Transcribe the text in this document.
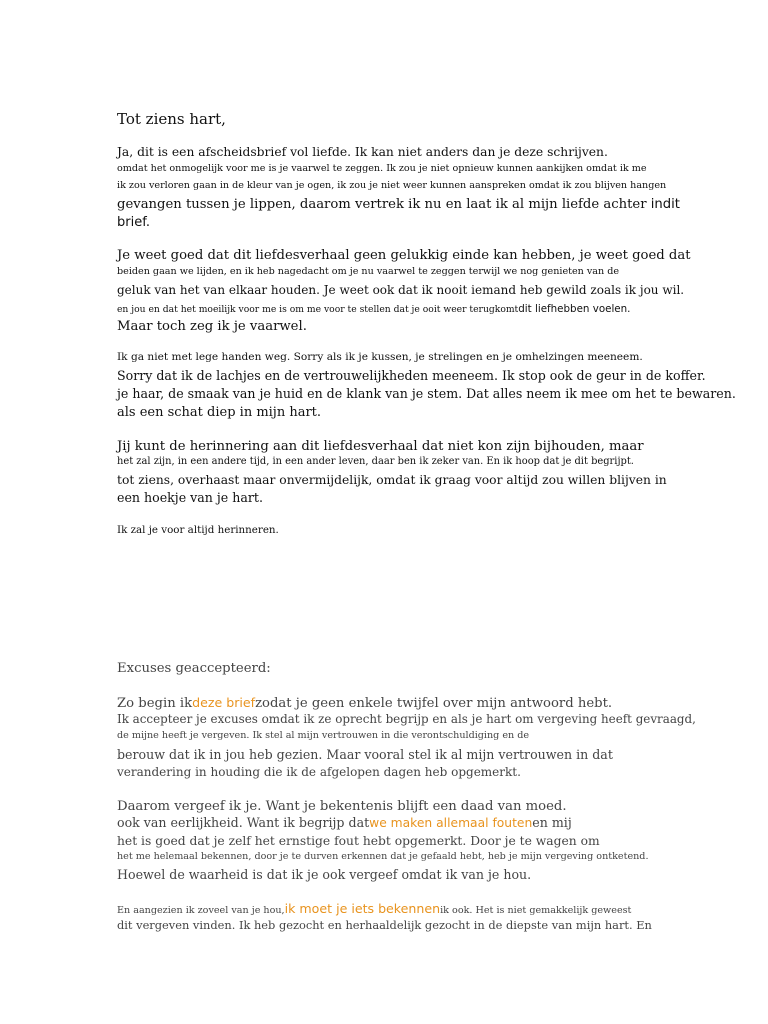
Tot ziens hart,
Ja, dit is een afscheidsbrief vol liefde. Ik kan niet anders dan je deze schrijven.
omdat het onmogelijk voor me is je vaarwel te zeggen. Ik zou je niet opnieuw kunnen aankijken omdat ik me
ik zou verloren gaan in de kleur van je ogen, ik zou je niet weer kunnen aanspreken omdat ik zou blijven hangen
gevangen tussen je lippen, daarom vertrek ik nu en laat ik al mijn liefde achter indit
brief.
Je weet goed dat dit liefdesverhaal geen gelukkig einde kan hebben, je weet goed dat
beiden gaan we lijden, en ik heb nagedacht om je nu vaarwel te zeggen terwijl we nog genieten van de
geluk van het van elkaar houden. Je weet ook dat ik nooit iemand heb gewild zoals ik jou wil.
en jou en dat het moeilijk voor me is om me voor te stellen dat je ooit weer terugkomtdit liefhebben voelen.
Maar toch zeg ik je vaarwel.
Ik ga niet met lege handen weg. Sorry als ik je kussen, je strelingen en je omhelzingen meeneem.
Sorry dat ik de lachjes en de vertrouwelijkheden meeneem. Ik stop ook de geur in de koffer.
je haar, de smaak van je huid en de klank van je stem. Dat alles neem ik mee om het te bewaren.
als een schat diep in mijn hart.
Jij kunt de herinnering aan dit liefdesverhaal dat niet kon zijn bijhouden, maar
het zal zijn, in een andere tijd, in een ander leven, daar ben ik zeker van. En ik hoop dat je dit begrijpt.
tot ziens, overhaast maar onvermijdelijk, omdat ik graag voor altijd zou willen blijven in
een hoekje van je hart.
Ik zal je voor altijd herinneren.
Excuses geaccepteerd:
Zo begin ikdeze briefzodat je geen enkele twijfel over mijn antwoord hebt.
Ik accepteer je excuses omdat ik ze oprecht begrijp en als je hart om vergeving heeft gevraagd,
de mijne heeft je vergeven. Ik stel al mijn vertrouwen in die verontschuldiging en de
berouw dat ik in jou heb gezien. Maar vooral stel ik al mijn vertrouwen in dat
verandering in houding die ik de afgelopen dagen heb opgemerkt.
Daarom vergeef ik je. Want je bekentenis blijft een daad van moed.
ook van eerlijkheid. Want ik begrijp datwe maken allemaal foutenen mij
het is goed dat je zelf het ernstige fout hebt opgemerkt. Door je te wagen om
het me helemaal bekennen, door je te durven erkennen dat je gefaald hebt, heb je mijn vergeving ontketend.
Hoewel de waarheid is dat ik je ook vergeef omdat ik van je hou.
En aangezien ik zoveel van je hou,ik moet je iets bekennenik ook. Het is niet gemakkelijk geweest
dit vergeven vinden. Ik heb gezocht en herhaaldelijk gezocht in de diepste van mijn hart. En
